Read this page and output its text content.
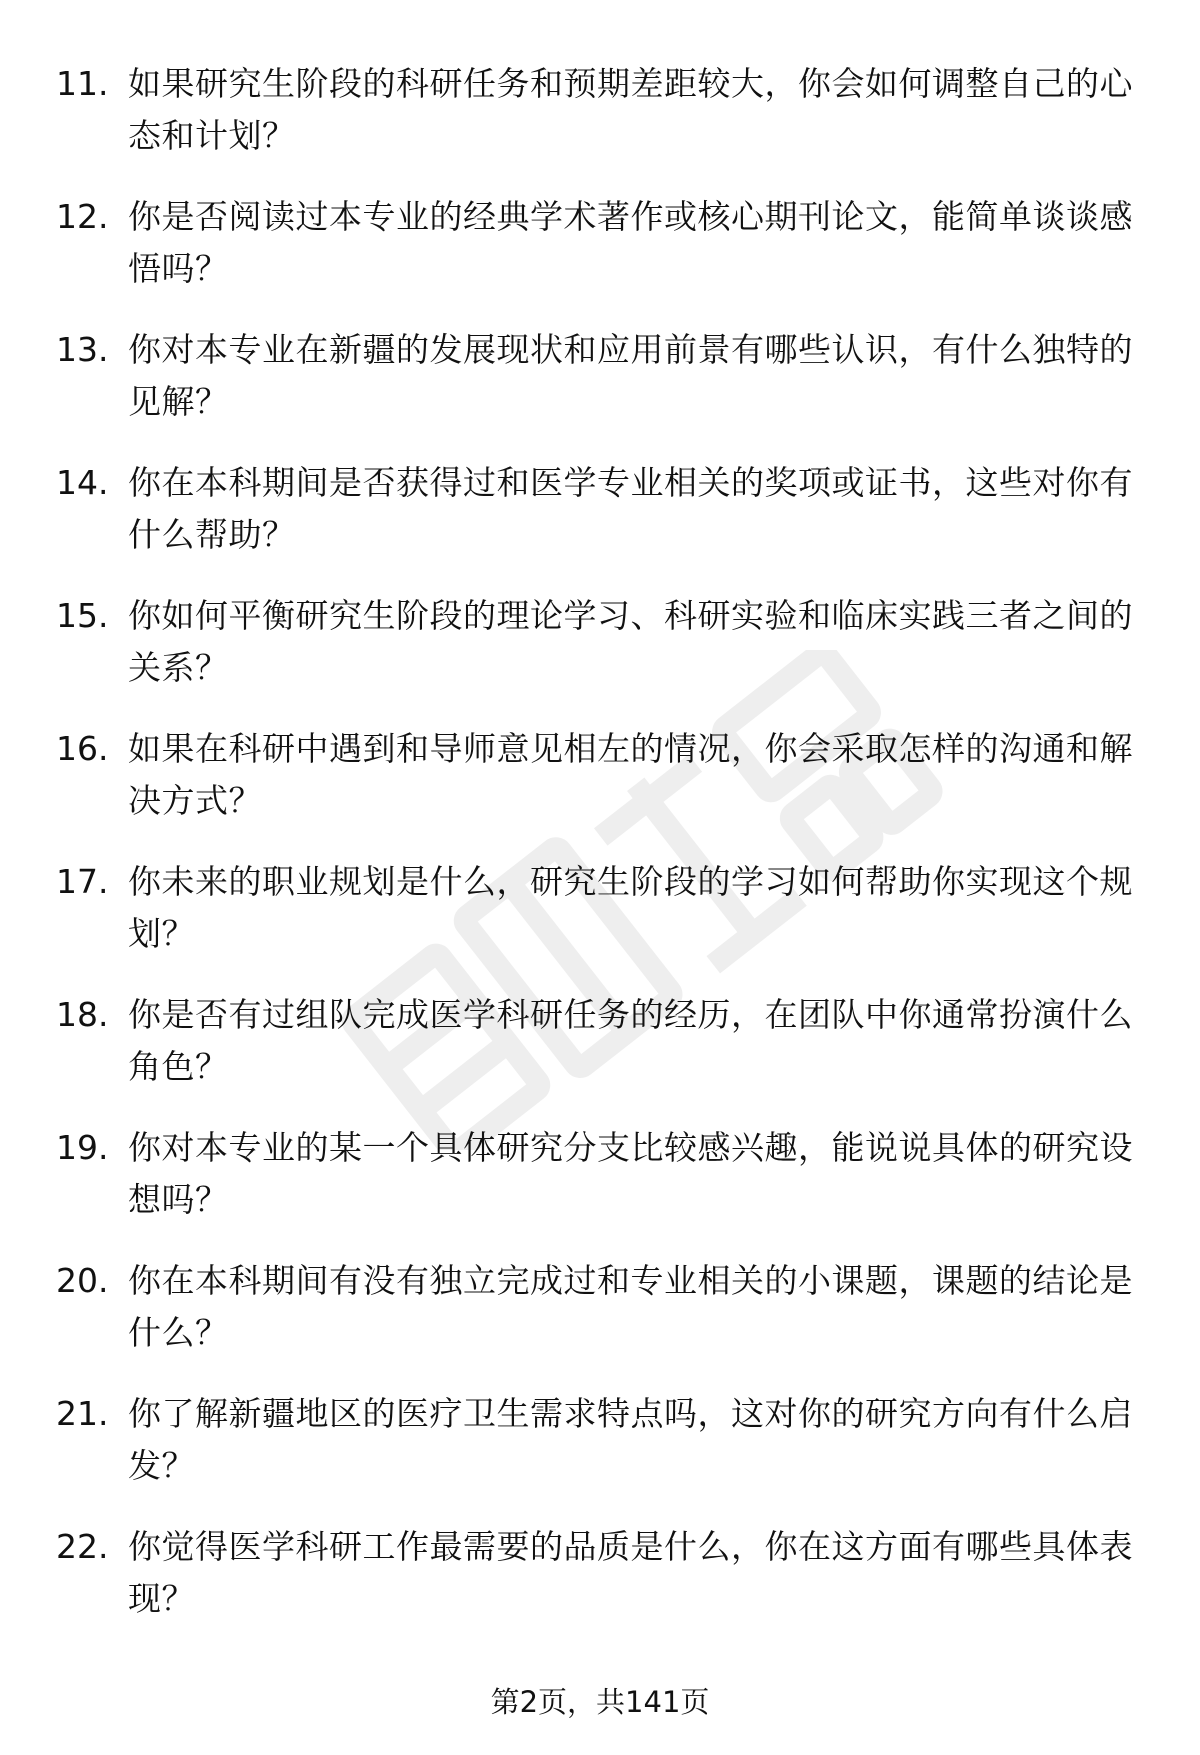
11. 如果研究生阶段的科研任务和预期差距较大，你会如何调整自己的心态和计划？
12. 你是否阅读过本专业的经典学术著作或核心期刊论文，能简单谈谈感悟吗？
13. 你对本专业在新疆的发展现状和应用前景有哪些认识，有什么独特的见解？
14. 你在本科期间是否获得过和医学专业相关的奖项或证书，这些对你有什么帮助？
15. 你如何平衡研究生阶段的理论学习、科研实验和临床实践三者之间的关系？
16. 如果在科研中遇到和导师意见相左的情况，你会采取怎样的沟通和解决方式？
17. 你未来的职业规划是什么，研究生阶段的学习如何帮助你实现这个规划？
18. 你是否有过组队完成医学科研任务的经历，在团队中你通常扮演什么角色？
19. 你对本专业的某一个具体研究分支比较感兴趣，能说说具体的研究设想吗？
20. 你在本科期间有没有独立完成过和专业相关的小课题，课题的结论是什么？
21. 你了解新疆地区的医疗卫生需求特点吗，这对你的研究方向有什么启发？
22. 你觉得医学科研工作最需要的品质是什么，你在这方面有哪些具体表现？
第2页，共141页
